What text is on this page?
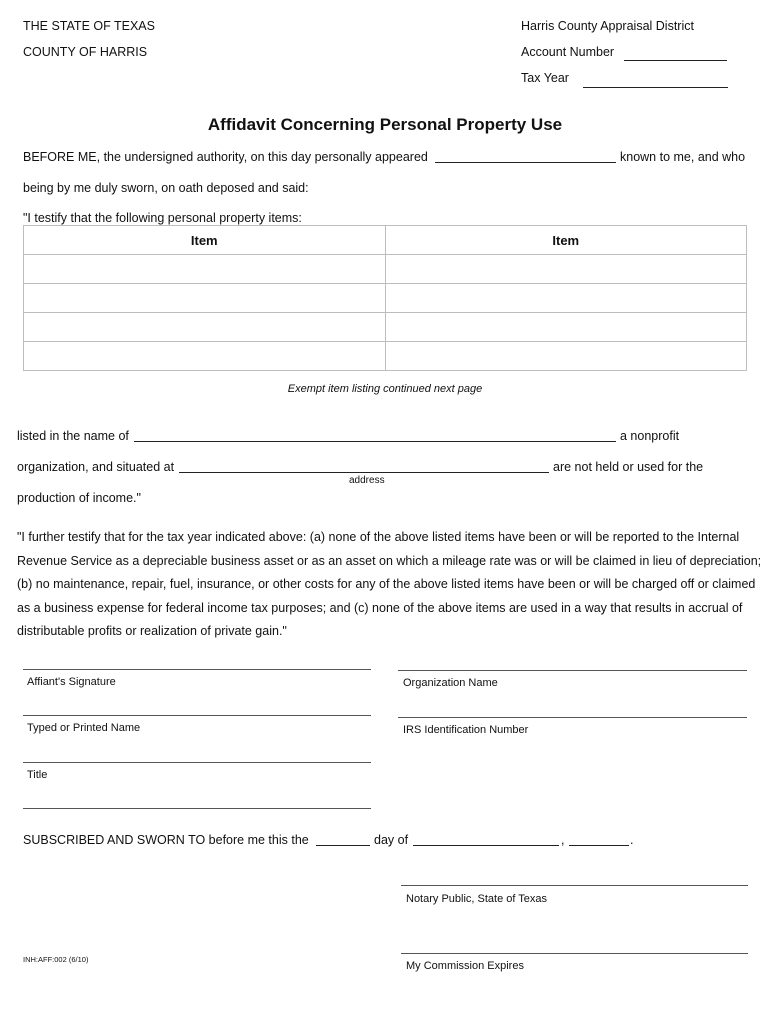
THE STATE OF TEXAS
COUNTY OF HARRIS
Harris County Appraisal District
Account Number
Tax Year
Affidavit Concerning Personal Property Use
BEFORE ME, the undersigned authority, on this day personally appeared	known to me, and who
being by me duly sworn, on oath deposed and said:
"I testify that the following personal property items:
Item	Item

Exempt item listing continued next page
listed in the name of	a nonprofit
organization, and situated at	are not held or used for the
address
production of income."
"I further testify that for the tax year indicated above: (a) none of the above listed items have been or will be reported to the Internal Revenue Service as a depreciable business asset or as an asset on which a mileage rate was or will be claimed in lieu of depreciation; (b) no maintenance, repair, fuel, insurance, or other costs for any of the above listed items have been or will be charged off or claimed as a business expense for federal income tax purposes; and (c) none of the above items are used in a way that results in accrual of distributable profits or realization of private gain."
Affiant's Signature
Typed or Printed Name
Title
Organization Name
IRS Identification Number
SUBSCRIBED AND SWORN TO before me this the	day of	,	.
Notary Public, State of Texas
My Commission Expires
INH:AFF:002 (6/10)
